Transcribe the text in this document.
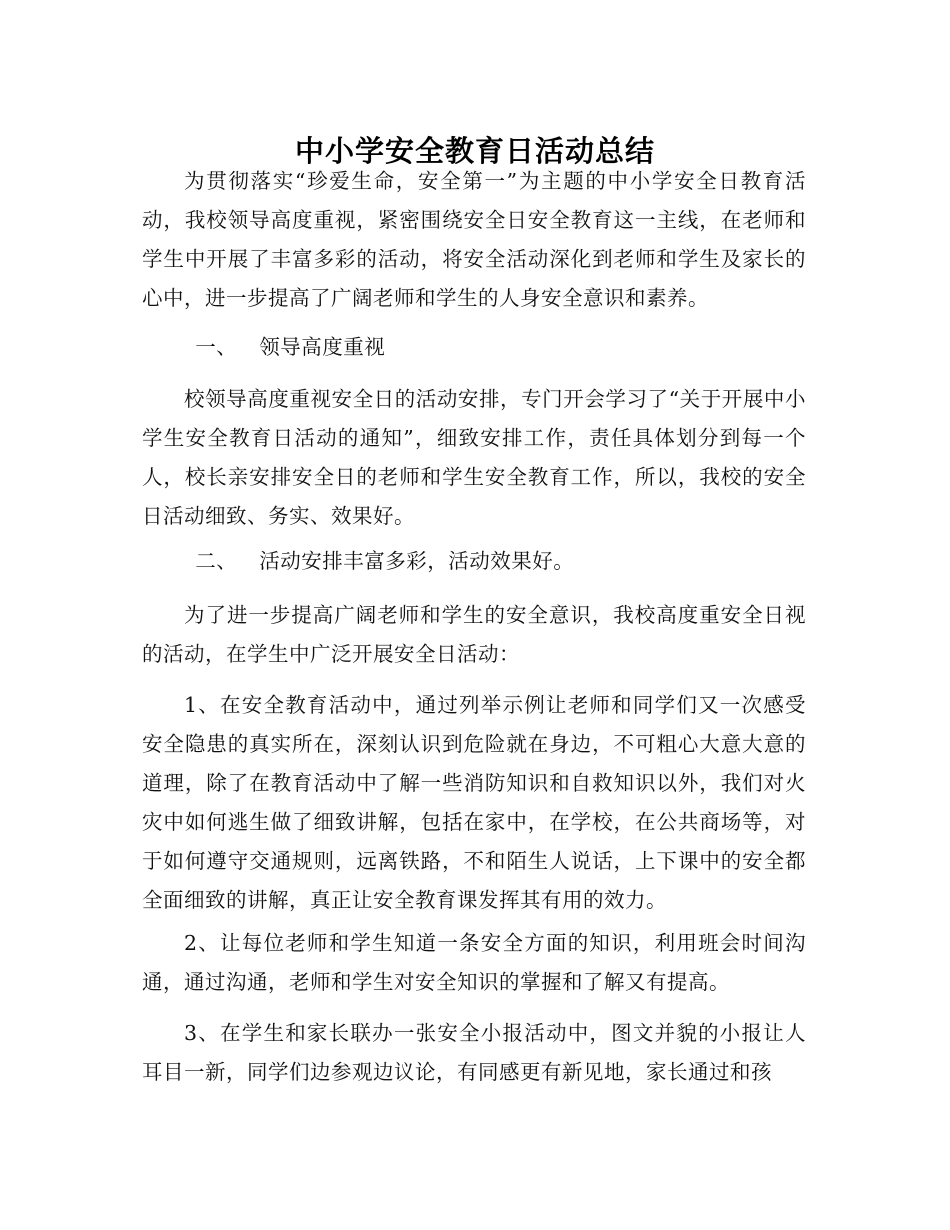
中小学安全教育日活动总结

为贯彻落实“珍爱生命，安全第一”为主题的中小学安全日教育活动，我校领导高度重视，紧密围绕安全日安全教育这一主线，在老师和学生中开展了丰富多彩的活动，将安全活动深化到老师和学生及家长的心中，进一步提高了广阔老师和学生的人身安全意识和素养。

一、 领导高度重视

校领导高度重视安全日的活动安排，专门开会学习了“关于开展中小学生安全教育日活动的通知”，细致安排工作，责任具体划分到每一个人，校长亲安排安全日的老师和学生安全教育工作，所以，我校的安全日活动细致、务实、效果好。

二、 活动安排丰富多彩，活动效果好。

为了进一步提高广阔老师和学生的安全意识，我校高度重安全日视的活动，在学生中广泛开展安全日活动：

1、在安全教育活动中，通过列举示例让老师和同学们又一次感受安全隐患的真实所在，深刻认识到危险就在身边，不可粗心大意大意的道理，除了在教育活动中了解一些消防知识和自救知识以外，我们对火灾中如何逃生做了细致讲解，包括在家中，在学校，在公共商场等，对于如何遵守交通规则，远离铁路，不和陌生人说话，上下课中的安全都全面细致的讲解，真正让安全教育课发挥其有用的效力。

2、让每位老师和学生知道一条安全方面的知识，利用班会时间沟通，通过沟通，老师和学生对安全知识的掌握和了解又有提高。

3、在学生和家长联办一张安全小报活动中，图文并貌的小报让人耳目一新，同学们边参观边议论，有同感更有新见地，家长通过和孩
